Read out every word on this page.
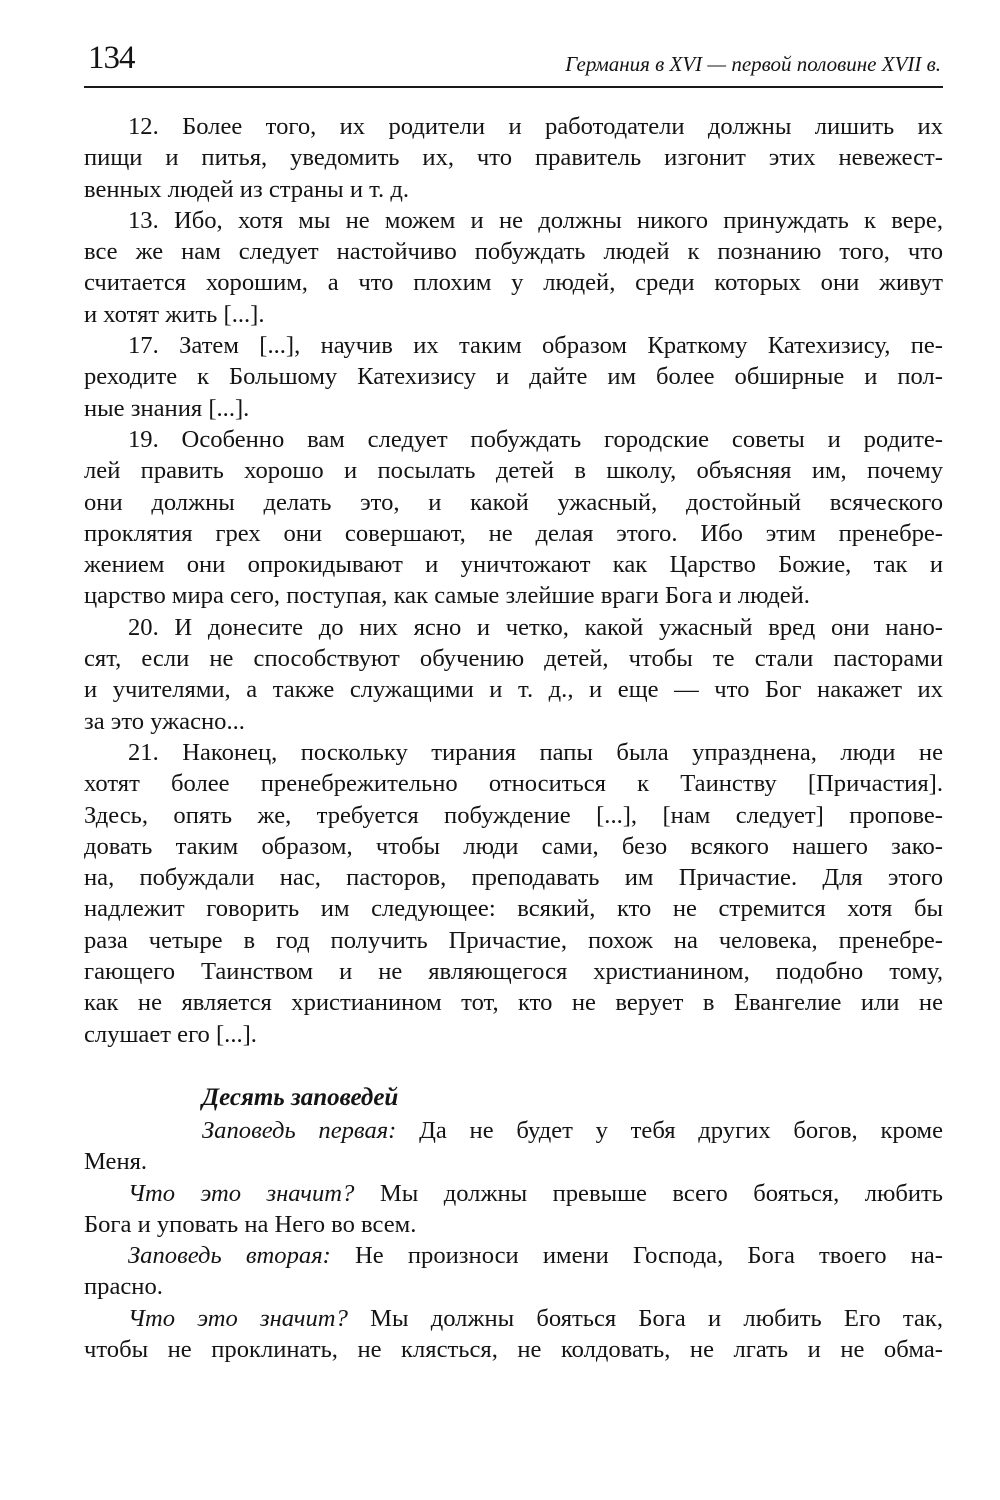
134	Германия в XVI — первой половине XVII в.

12. Более того, их родители и работодатели должны лишить их
пищи и питья, уведомить их, что правитель изгонит этих невежест-
венных людей из страны и т. д.

13. Ибо, хотя мы не можем и не должны никого принуждать к вере,
все же нам следует настойчиво побуждать людей к познанию того, что
считается хорошим, а что плохим у людей, среди которых они живут
и хотят жить [...].

17. Затем [...], научив их таким образом Краткому Катехизису, пе-
реходите к Большому Катехизису и дайте им более обширные и пол-
ные знания [...].

19. Особенно вам следует побуждать городские советы и родите-
лей править хорошо и посылать детей в школу, объясняя им, почему
они должны делать это, и какой ужасный, достойный всяческого
проклятия грех они совершают, не делая этого. Ибо этим пренебре-
жением они опрокидывают и уничтожают как Царство Божие, так и
царство мира сего, поступая, как самые злейшие враги Бога и людей.

20. И донесите до них ясно и четко, какой ужасный вред они нано-
сят, если не способствуют обучению детей, чтобы те стали пасторами
и учителями, а также служащими и т. д., и еще — что Бог накажет их
за это ужасно...

21. Наконец, поскольку тирания папы была упразднена, люди не
хотят более пренебрежительно относиться к Таинству [Причастия].
Здесь, опять же, требуется побуждение [...], [нам следует] пропове-
довать таким образом, чтобы люди сами, безо всякого нашего зако-
на, побуждали нас, пасторов, преподавать им Причастие. Для этого
надлежит говорить им следующее: всякий, кто не стремится хотя бы
раза четыре в год получить Причастие, похож на человека, пренебре-
гающего Таинством и не являющегося христианином, подобно тому,
как не является христианином тот, кто не верует в Евангелие или не
слушает его [...].

Десять заповедей

Заповедь первая: Да не будет у тебя других богов, кроме
Меня.

Что это значит? Мы должны превыше всего бояться, любить
Бога и уповать на Него во всем.

Заповедь вторая: Не произноси имени Господа, Бога твоего на-
прасно.

Что это значит? Мы должны бояться Бога и любить Его так,
чтобы не проклинать, не клясться, не колдовать, не лгать и не обма-
